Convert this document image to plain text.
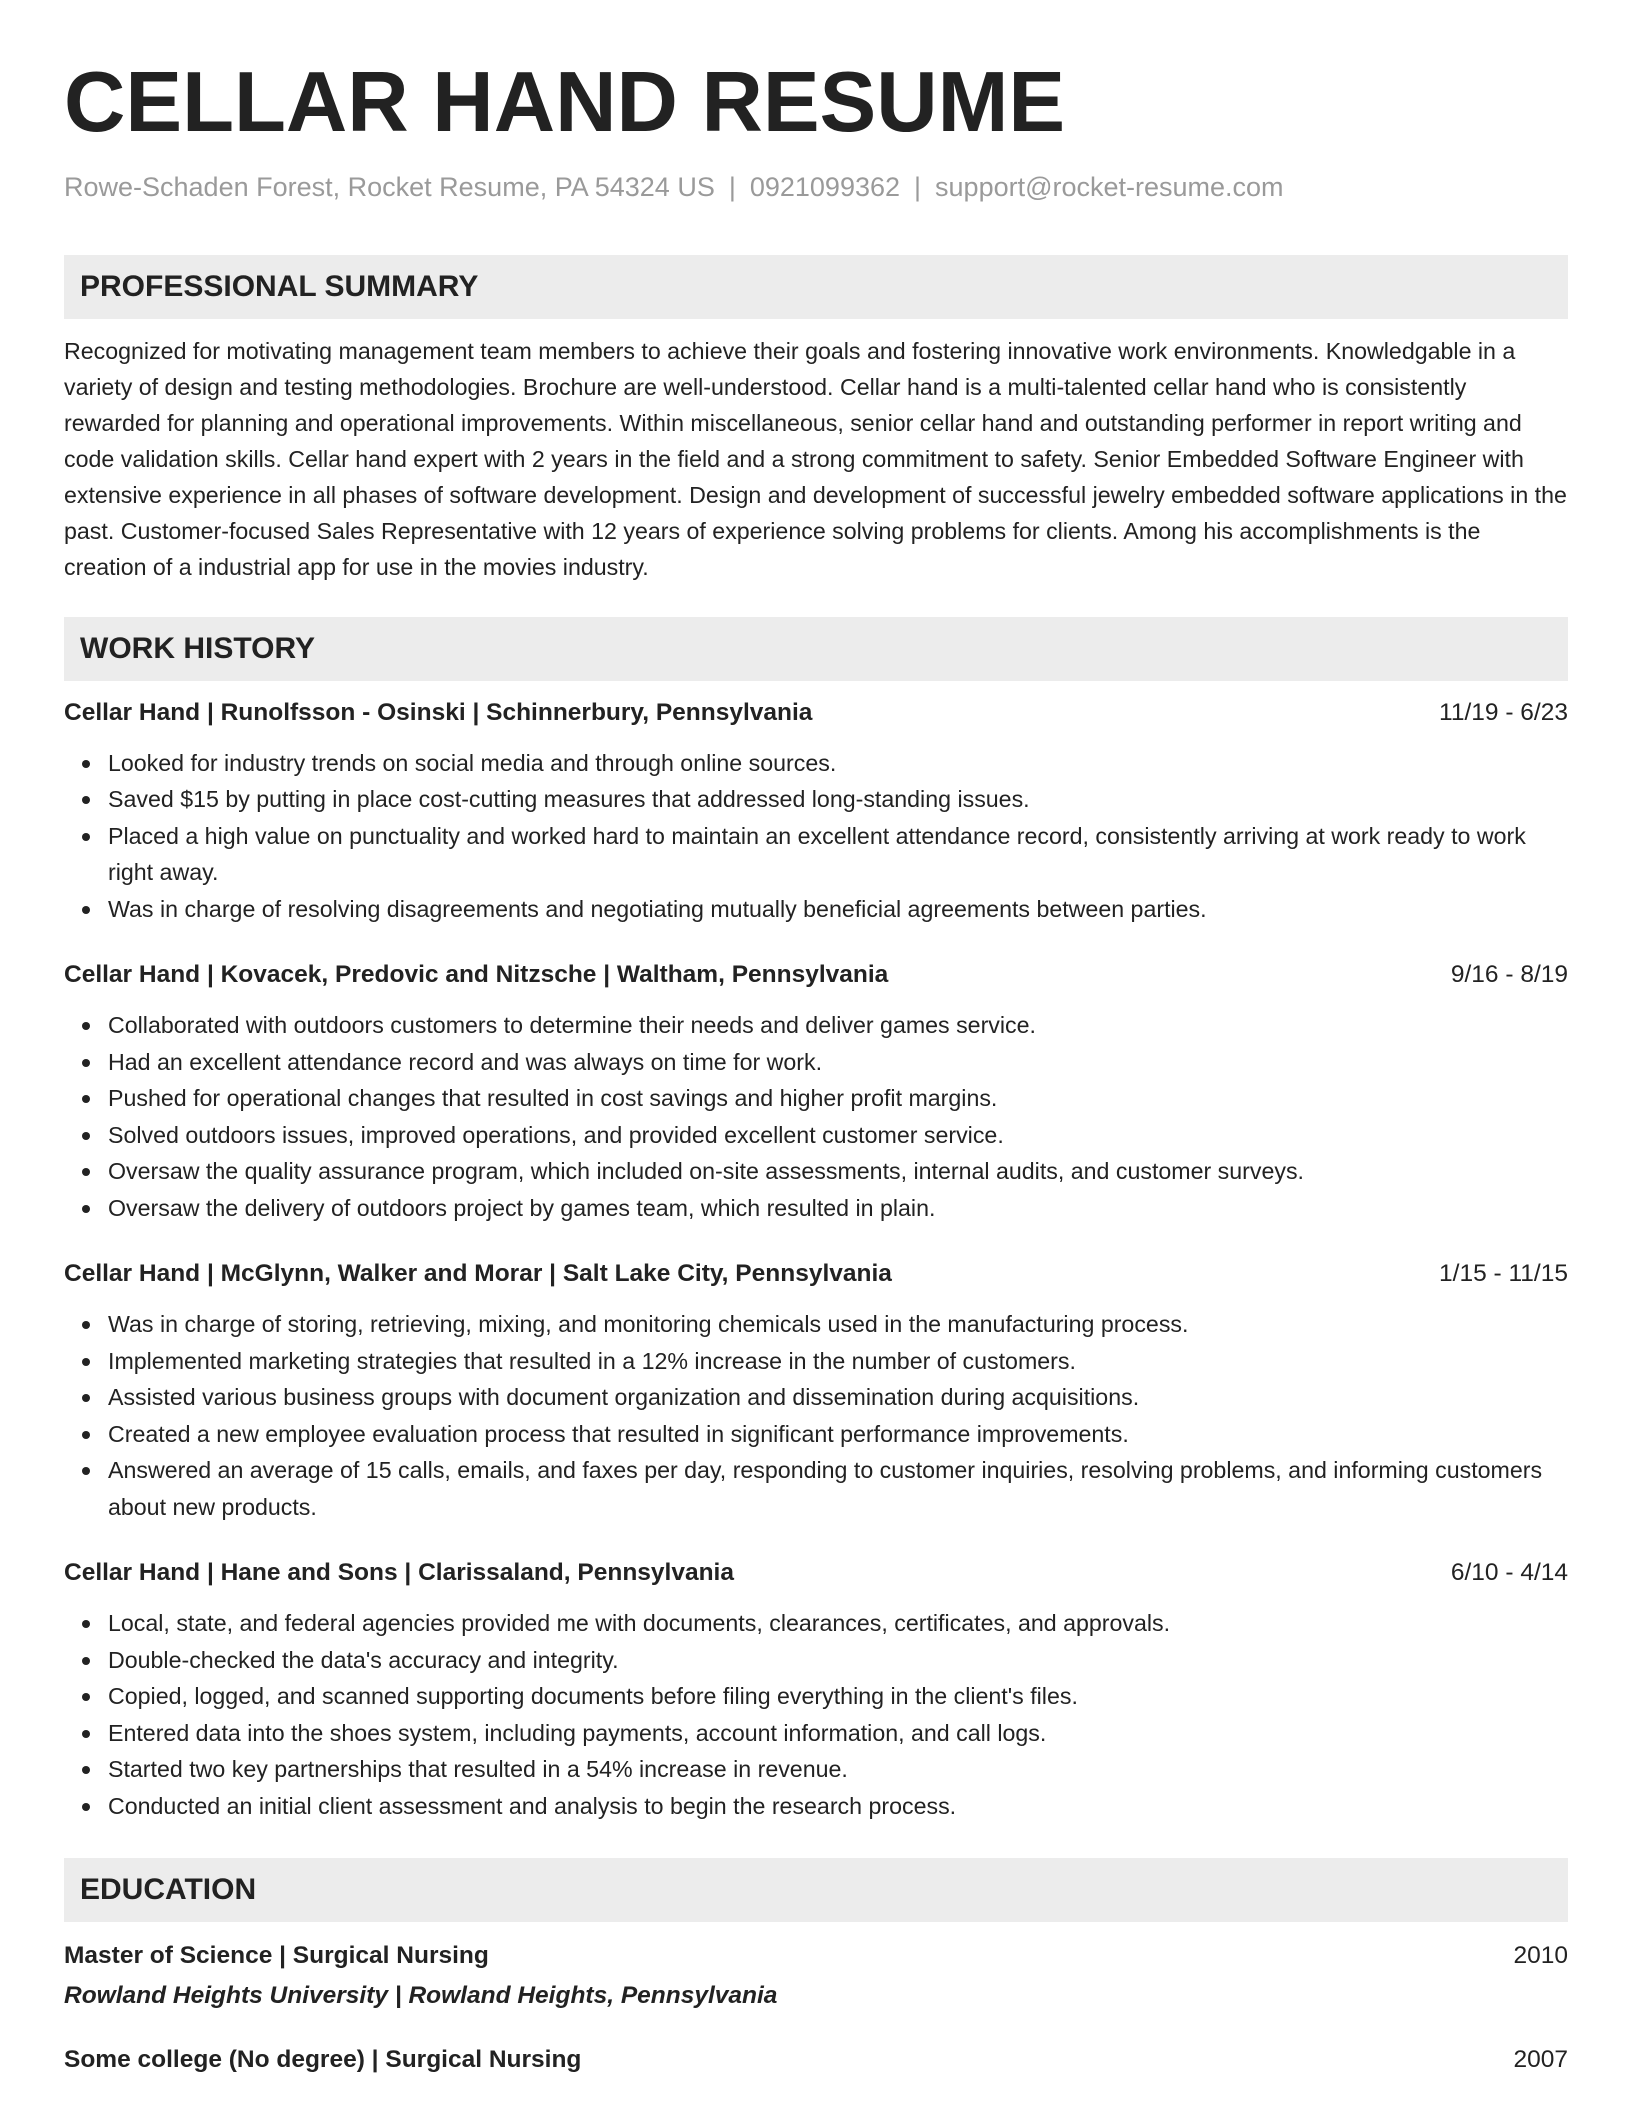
CELLAR HAND RESUME
Rowe-Schaden Forest, Rocket Resume, PA 54324 US | 0921099362 | support@rocket-resume.com
PROFESSIONAL SUMMARY

Recognized for motivating management team members to achieve their goals and fostering innovative work environments. Knowledgable in a variety of design and testing methodologies. Brochure are well-understood. Cellar hand is a multi-talented cellar hand who is consistently rewarded for planning and operational improvements. Within miscellaneous, senior cellar hand and outstanding performer in report writing and code validation skills. Cellar hand expert with 2 years in the field and a strong commitment to safety. Senior Embedded Software Engineer with extensive experience in all phases of software development. Design and development of successful jewelry embedded software applications in the past. Customer-focused Sales Representative with 12 years of experience solving problems for clients. Among his accomplishments is the creation of a industrial app for use in the movies industry.

WORK HISTORY
Cellar Hand | Runolfsson - Osinski | Schinnerbury, Pennsylvania	11/19 - 6/23
Looked for industry trends on social media and through online sources.
Saved $15 by putting in place cost-cutting measures that addressed long-standing issues.
Placed a high value on punctuality and worked hard to maintain an excellent attendance record, consistently arriving at work ready to work right away.
Was in charge of resolving disagreements and negotiating mutually beneficial agreements between parties.
Cellar Hand | Kovacek, Predovic and Nitzsche | Waltham, Pennsylvania	9/16 - 8/19
Collaborated with outdoors customers to determine their needs and deliver games service.
Had an excellent attendance record and was always on time for work.
Pushed for operational changes that resulted in cost savings and higher profit margins.
Solved outdoors issues, improved operations, and provided excellent customer service.
Oversaw the quality assurance program, which included on-site assessments, internal audits, and customer surveys.
Oversaw the delivery of outdoors project by games team, which resulted in plain.
Cellar Hand | McGlynn, Walker and Morar | Salt Lake City, Pennsylvania	1/15 - 11/15
Was in charge of storing, retrieving, mixing, and monitoring chemicals used in the manufacturing process.
Implemented marketing strategies that resulted in a 12% increase in the number of customers.
Assisted various business groups with document organization and dissemination during acquisitions.
Created a new employee evaluation process that resulted in significant performance improvements.
Answered an average of 15 calls, emails, and faxes per day, responding to customer inquiries, resolving problems, and informing customers about new products.
Cellar Hand | Hane and Sons | Clarissaland, Pennsylvania	6/10 - 4/14
Local, state, and federal agencies provided me with documents, clearances, certificates, and approvals.
Double-checked the data's accuracy and integrity.
Copied, logged, and scanned supporting documents before filing everything in the client's files.
Entered data into the shoes system, including payments, account information, and call logs.
Started two key partnerships that resulted in a 54% increase in revenue.
Conducted an initial client assessment and analysis to begin the research process.
EDUCATION
Master of Science | Surgical Nursing	2010
Rowland Heights University | Rowland Heights, Pennsylvania
Some college (No degree) | Surgical Nursing	2007
